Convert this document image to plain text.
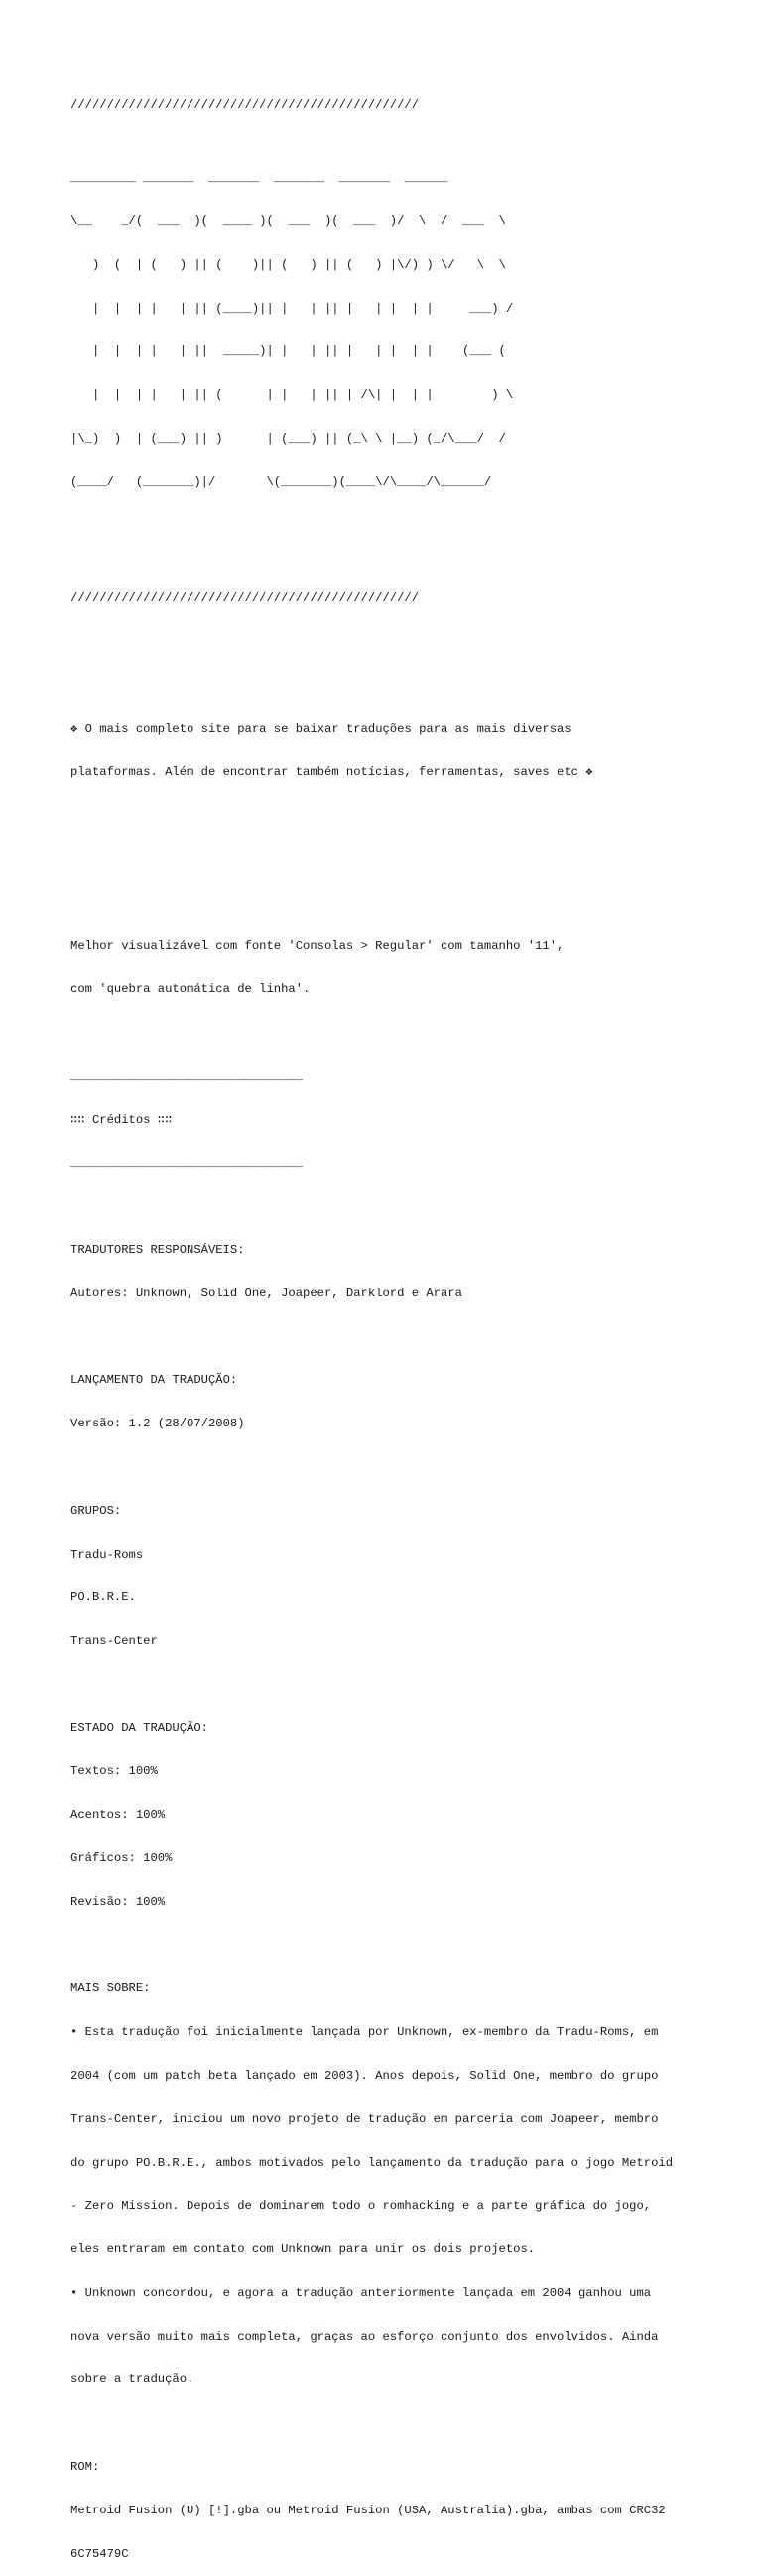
////////////////////////////////////////////////

_________ _______  _______  _______  _______  ______

\__    _/(  ___  )(  ____ )(  ___  )(  ___  )/  \  /  ___  \

)  (  | (   ) || (    )|| (   ) || (   ) |\/) ) \/   \  \

|  |  | |   | || (____)|| |   | || |   | |  | |     ___) /

|  |  | |   | ||  _____)| |   | || |   | |  | |    (___ (

|  |  | |   | || (      | |   | || | /\| |  | |        ) \

|\_)  )  | (___) || )      | (___) || (_\ \ |__) (_/\___/  /

(____/   (_______)|/       \(_______)(____\/\____/\______/

////////////////////////////////////////////////

❖ O mais completo site para se baixar traduções para as mais diversas

plataformas. Além de encontrar também notícias, ferramentas, saves etc ❖

Melhor visualizável com fonte 'Consolas > Regular' com tamanho '11',

com 'quebra automática de linha'.

________________________________

∷∷ Créditos ∷∷

________________________________

TRADUTORES RESPONSÁVEIS:

Autores: Unknown, Solid One, Joapeer, Darklord e Arara

LANÇAMENTO DA TRADUÇÃO:

Versão: 1.2 (28/07/2008)

GRUPOS:

Tradu-Roms

PO.B.R.E.

Trans-Center

ESTADO DA TRADUÇÃO:

Textos: 100%

Acentos: 100%

Gráficos: 100%

Revisão: 100%

MAIS SOBRE:

• Esta tradução foi inicialmente lançada por Unknown, ex-membro da Tradu-Roms, em

2004 (com um patch beta lançado em 2003). Anos depois, Solid One, membro do grupo

Trans-Center, iniciou um novo projeto de tradução em parceria com Joapeer, membro

do grupo PO.B.R.E., ambos motivados pelo lançamento da tradução para o jogo Metroid

- Zero Mission. Depois de dominarem todo o romhacking e a parte gráfica do jogo,

eles entraram em contato com Unknown para unir os dois projetos.

• Unknown concordou, e agora a tradução anteriormente lançada em 2004 ganhou uma

nova versão muito mais completa, graças ao esforço conjunto dos envolvidos. Ainda

sobre a tradução.

ROM:

Metroid Fusion (U) [!].gba ou Metroid Fusion (USA, Australia).gba, ambas com CRC32

6C75479C
